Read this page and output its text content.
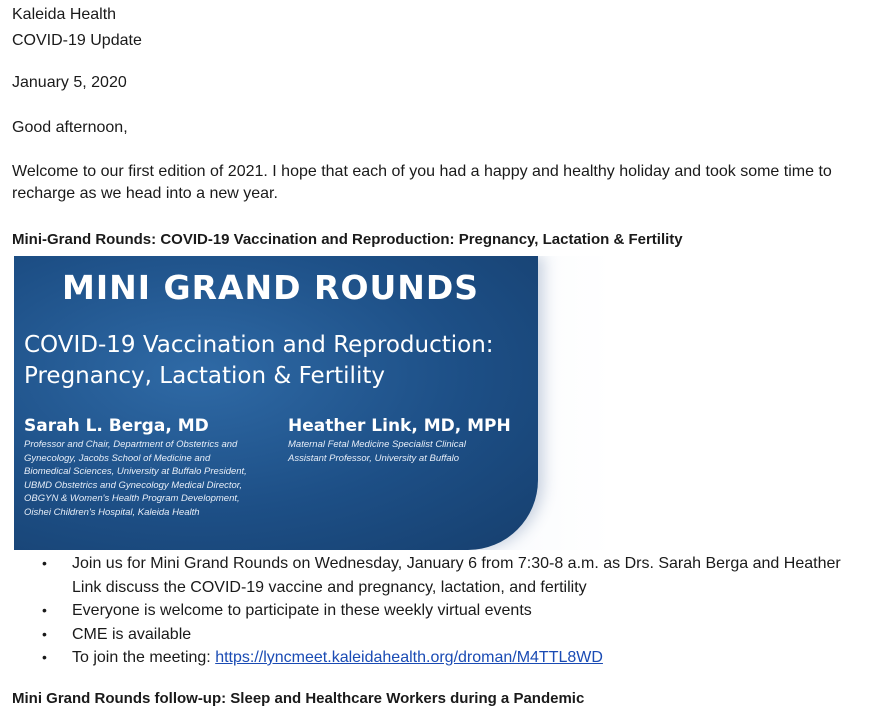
Kaleida Health
COVID-19 Update
January 5, 2020
Good afternoon,
Welcome to our first edition of 2021. I hope that each of you had a happy and healthy holiday and took some time to recharge as we head into a new year.
Mini-Grand Rounds: COVID-19 Vaccination and Reproduction: Pregnancy, Lactation & Fertility
• Join us for Mini Grand Rounds on Wednesday, January 6 from 7:30-8 a.m. as Drs. Sarah Berga and Heather Link discuss the COVID-19 vaccine and pregnancy, lactation, and fertility
• Everyone is welcome to participate in these weekly virtual events
• CME is available
• To join the meeting: https://lyncmeet.kaleidahealth.org/droman/M4TTL8WD
Mini Grand Rounds follow-up: Sleep and Healthcare Workers during a Pandemic
MINI GRAND ROUNDS
COVID-19 Vaccination and Reproduction: Pregnancy, Lactation & Fertility
Sarah L. Berga, MD
Professor and Chair, Department of Obstetrics and Gynecology, Jacobs School of Medicine and Biomedical Sciences, University at Buffalo President, UBMD Obstetrics and Gynecology Medical Director, OBGYN & Women's Health Program Development, Oishei Children's Hospital, Kaleida Health
Heather Link, MD, MPH
Maternal Fetal Medicine Specialist Clinical Assistant Professor, University at Buffalo
